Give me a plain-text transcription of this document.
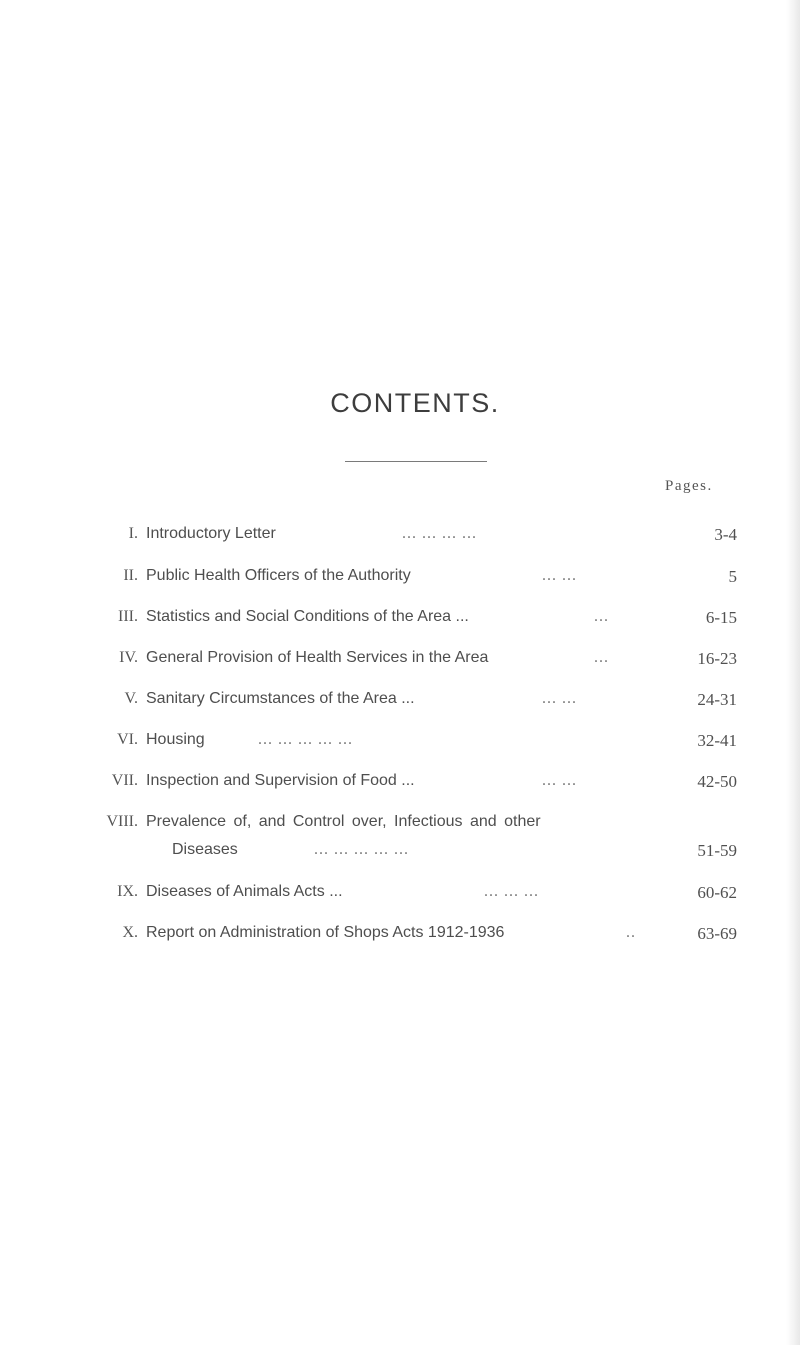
CONTENTS.
Pages.
I. Introductory Letter	... ... ... ...	3-4
II. Public Health Officers of the Authority	... ...	5
III. Statistics and Social Conditions of the Area ...	...	6-15
IV. General Provision of Health Services in the Area	...	16-23
V. Sanitary Circumstances of the Area ...	... ...	24-31
VI. Housing	... ... ... ... ...	32-41
VII. Inspection and Supervision of Food ...	... ...	42-50
VIII. Prevalence of, and Control over, Infectious and other
Diseases	... ... ... ... ...	51-59
IX. Diseases of Animals Acts ...	... ... ...	60-62
X. Report on Administration of Shops Acts 1912-1936	..	63-69
